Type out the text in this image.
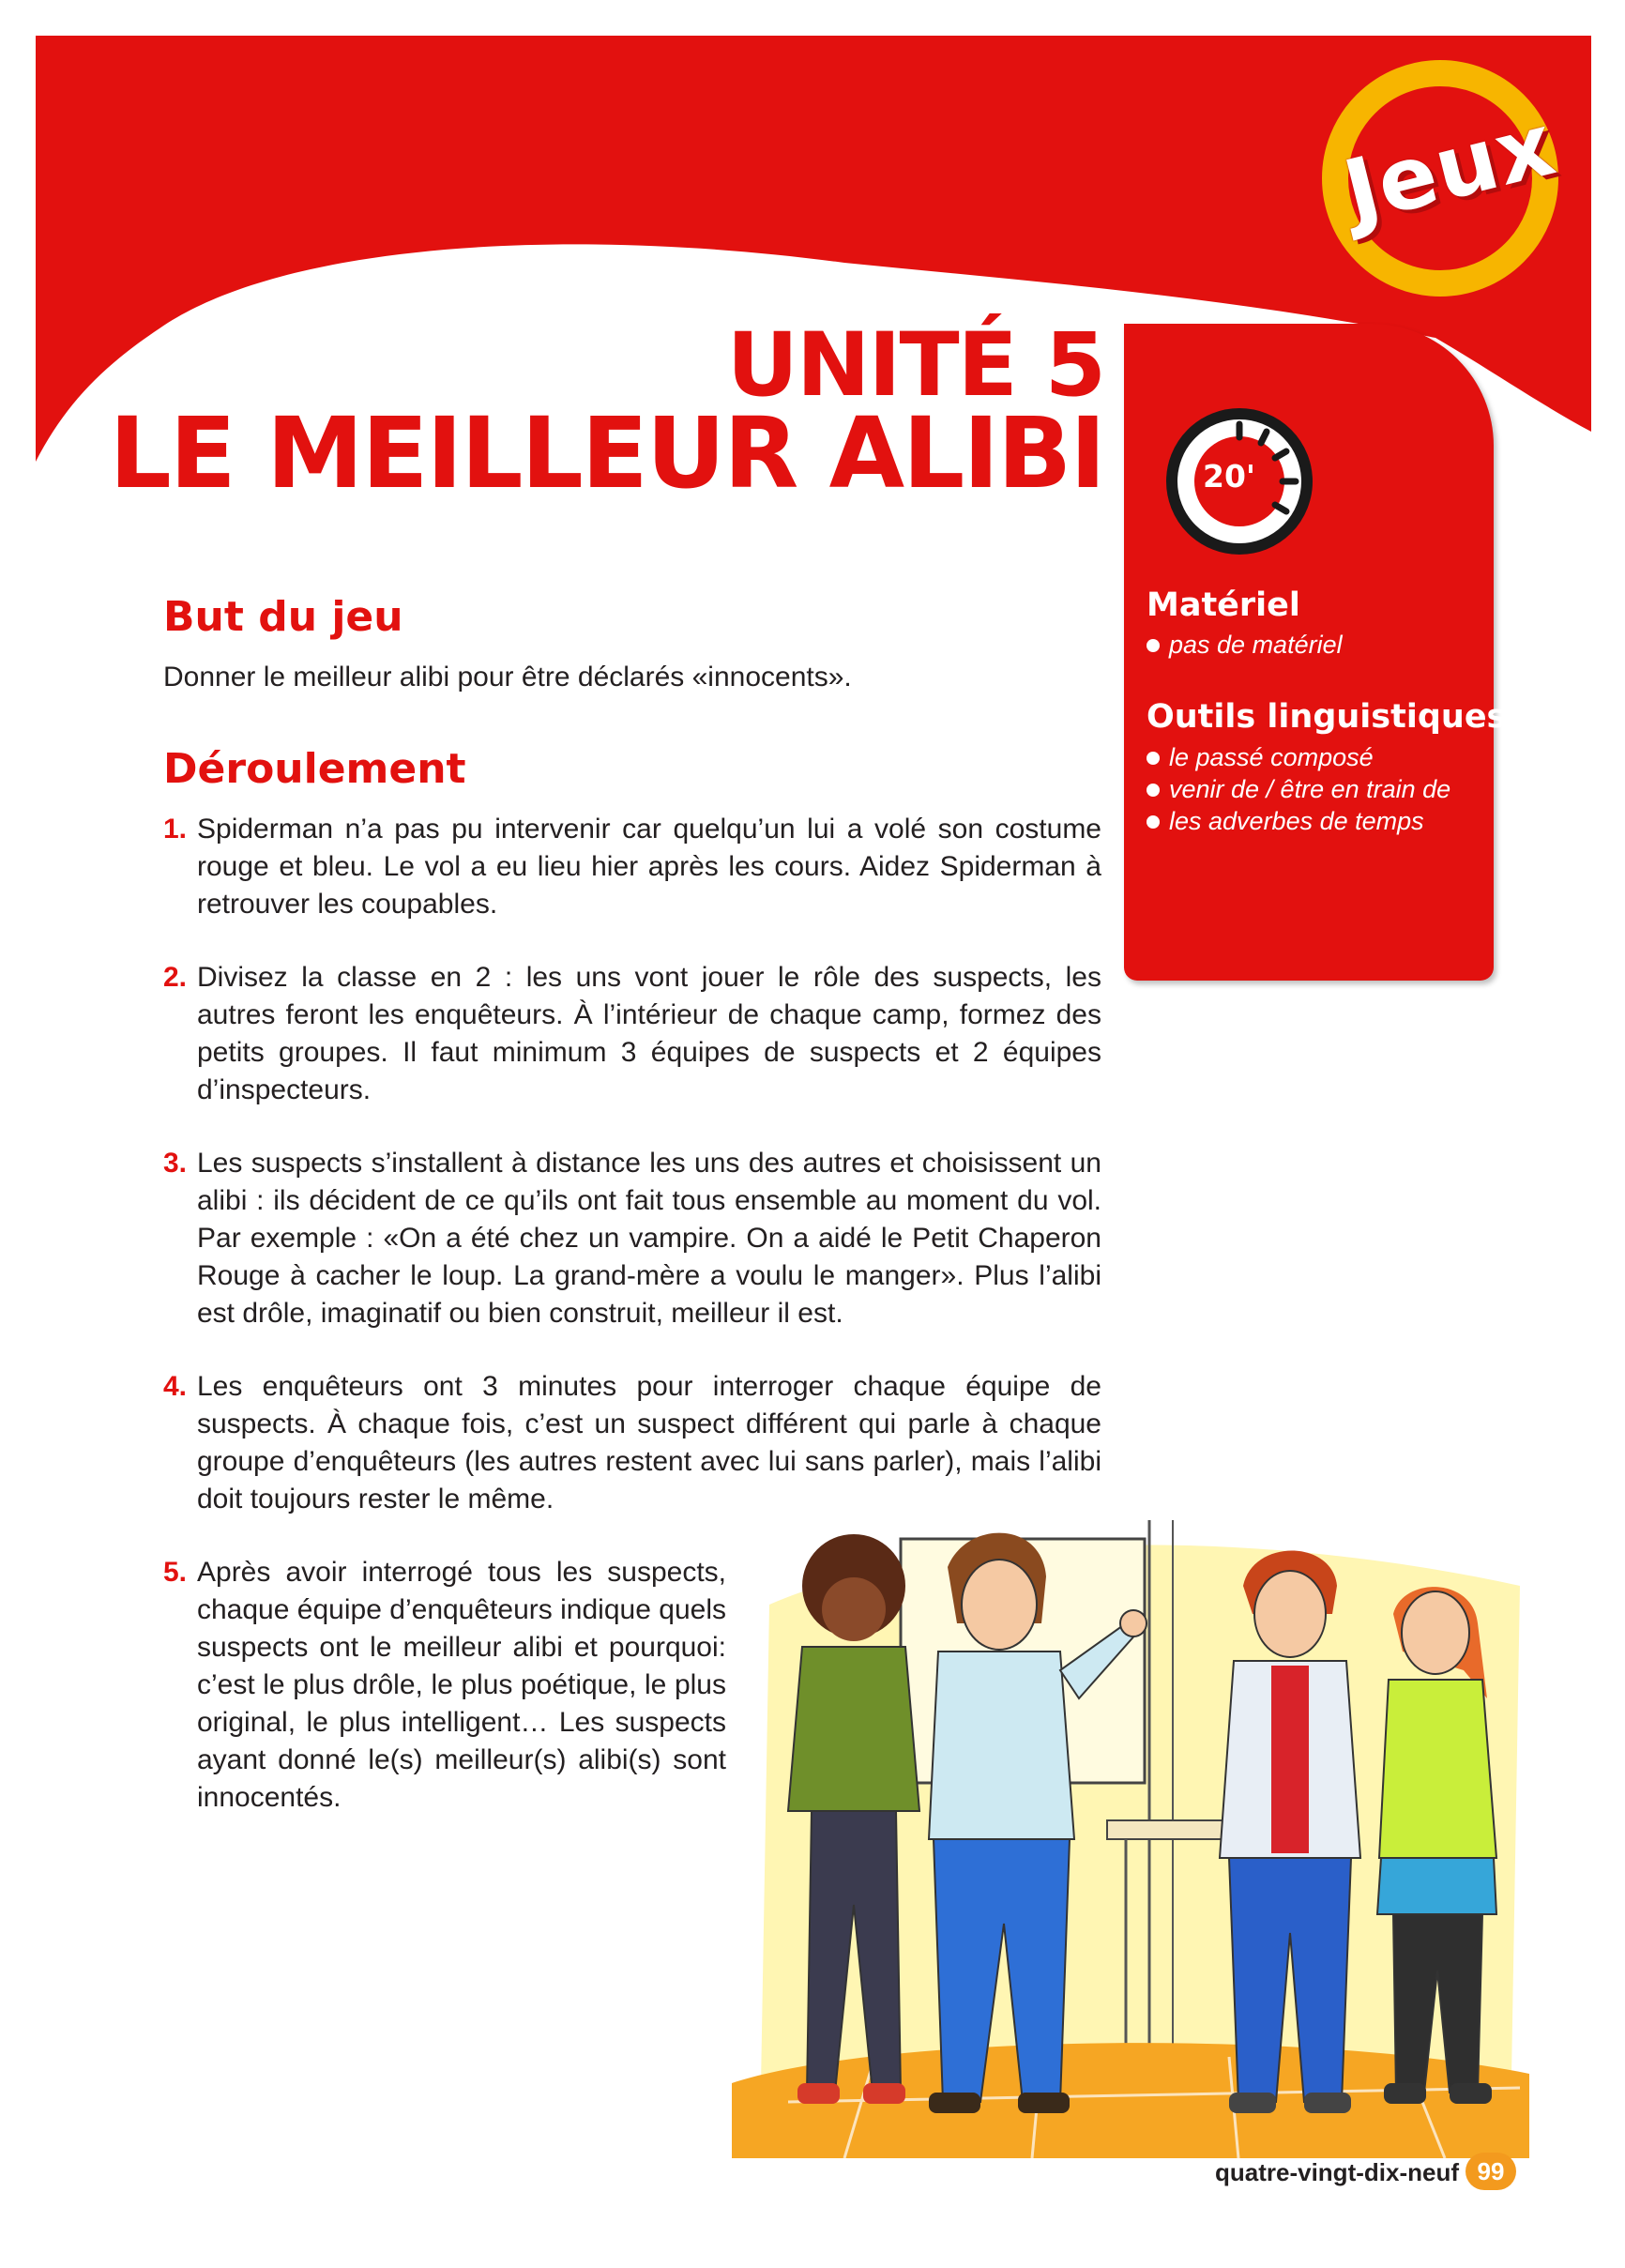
Jeux
UNITÉ 5
LE MEILLEUR ALIBI	20'
Matériel
pas de matériel
Outils linguistiques
le passé composé
venir de / être en train de
les adverbes de temps
But du jeu
Donner le meilleur alibi pour être déclarés «innocents».
Déroulement
1. Spiderman n’a pas pu intervenir car quelqu’un lui a volé son costume rouge et bleu. Le vol a eu lieu hier après les cours. Aidez Spiderman à retrouver les coupables.
2. Divisez la classe en 2 : les uns vont jouer le rôle des suspects, les autres feront les enquêteurs. À l’intérieur de chaque camp, formez des petits groupes. Il faut minimum 3 équipes de suspects et 2 équipes d’inspecteurs.
3. Les suspects s’installent à distance les uns des autres et choisissent un alibi : ils décident de ce qu’ils ont fait tous ensemble au moment du vol. Par exemple : «On a été chez un vampire. On a aidé le Petit Chaperon Rouge à cacher le loup. La grand-mère a voulu le manger». Plus l’alibi est drôle, imaginatif ou bien construit, meilleur il est.
4. Les enquêteurs ont 3 minutes pour interroger chaque équipe de suspects. À chaque fois, c’est un suspect différent qui parle à chaque groupe d’enquêteurs (les autres restent avec lui sans parler), mais l’alibi doit toujours rester le même.
5. Après avoir interrogé tous les suspects, chaque équipe d’enquêteurs indique quels suspects ont le meilleur alibi et pourquoi: c’est le plus drôle, le plus poétique, le plus original, le plus intelligent… Les suspects ayant donné le(s) meilleur(s) alibi(s) sont innocentés.
quatre-vingt-dix-neuf 99
